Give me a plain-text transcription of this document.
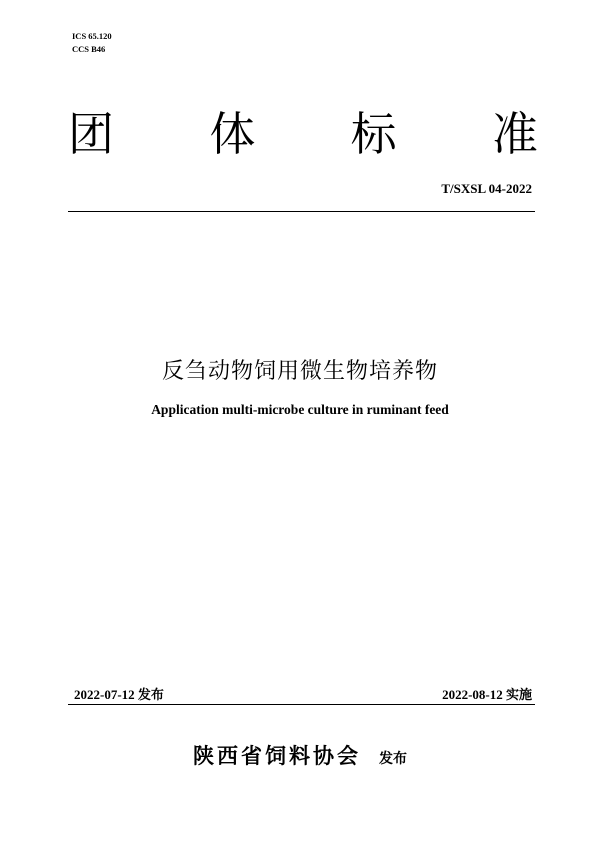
ICS 65.120
CCS B46
团 体 标 准
T/SXSL 04-2022
反刍动物饲用微生物培养物
Application multi-microbe culture in ruminant feed
2022-07-12 发布	2022-08-12 实施
陕西省饲料协会 发布
